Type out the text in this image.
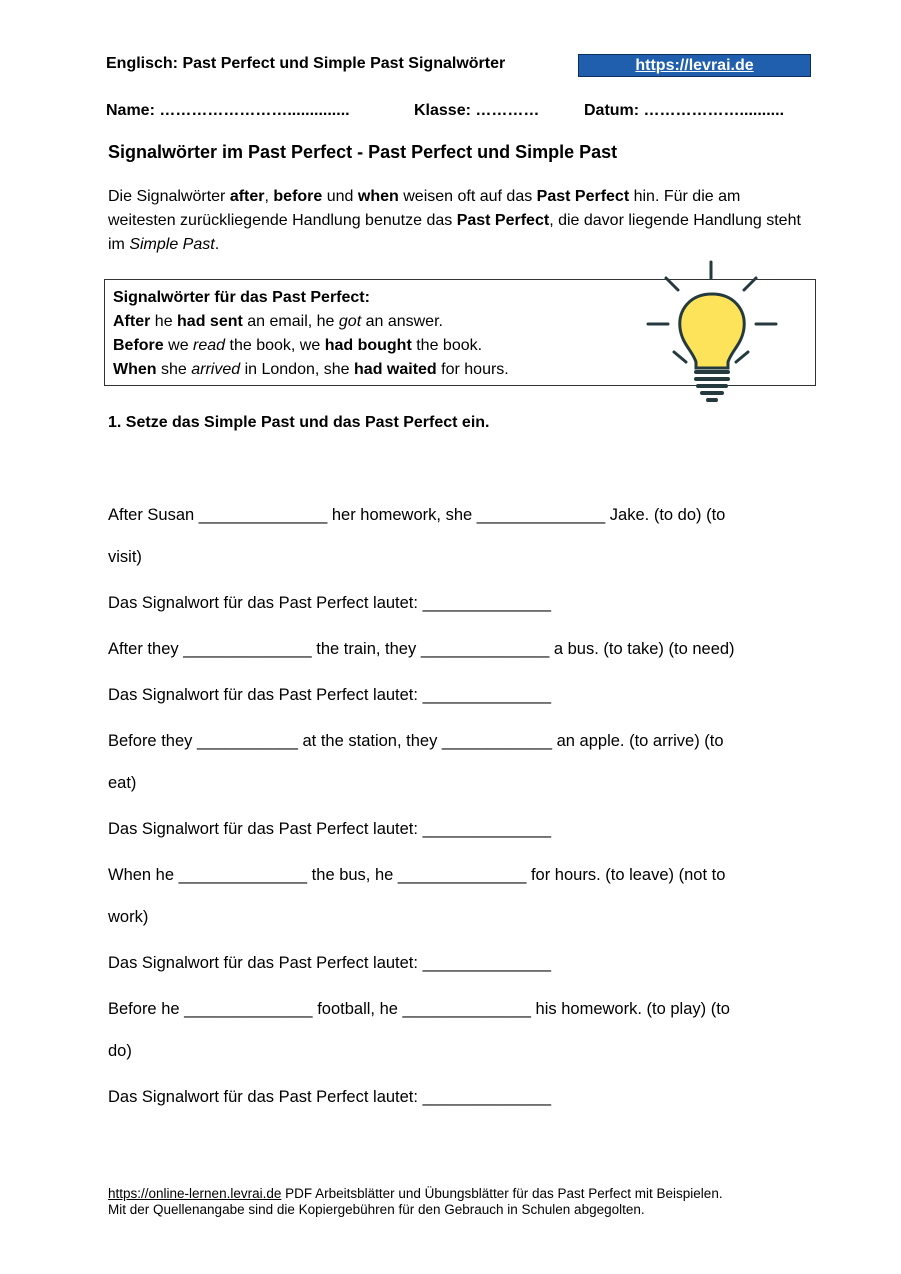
Englisch: Past Perfect und Simple Past Signalwörter	https://levrai.de
Name: ……………………..............	Klasse: …………	Datum: ………………..........
Signalwörter im Past Perfect - Past Perfect und Simple Past
Die Signalwörter after, before und when weisen oft auf das Past Perfect hin. Für die am weitesten zurückliegende Handlung benutze das Past Perfect, die davor liegende Handlung steht im Simple Past.
Signalwörter für das Past Perfect:
After he had sent an email, he got an answer.
Before we read the book, we had bought the book.
When she arrived in London, she had waited for hours.
1. Setze das Simple Past und das Past Perfect ein.
After Susan ______________ her homework, she ______________ Jake. (to do) (to
visit)
Das Signalwort für das Past Perfect lautet: ______________
After they ______________ the train, they ______________ a bus. (to take) (to need)
Das Signalwort für das Past Perfect lautet: ______________
Before they ___________ at the station, they ____________ an apple. (to arrive) (to
eat)
Das Signalwort für das Past Perfect lautet: ______________
When he ______________ the bus, he ______________ for hours. (to leave) (not to
work)
Das Signalwort für das Past Perfect lautet: ______________
Before he ______________ football, he ______________ his homework. (to play) (to
do)
Das Signalwort für das Past Perfect lautet: ______________
https://online-lernen.levrai.de PDF Arbeitsblätter und Übungsblätter für das Past Perfect mit Beispielen.
Mit der Quellenangabe sind die Kopiergebühren für den Gebrauch in Schulen abgegolten.
